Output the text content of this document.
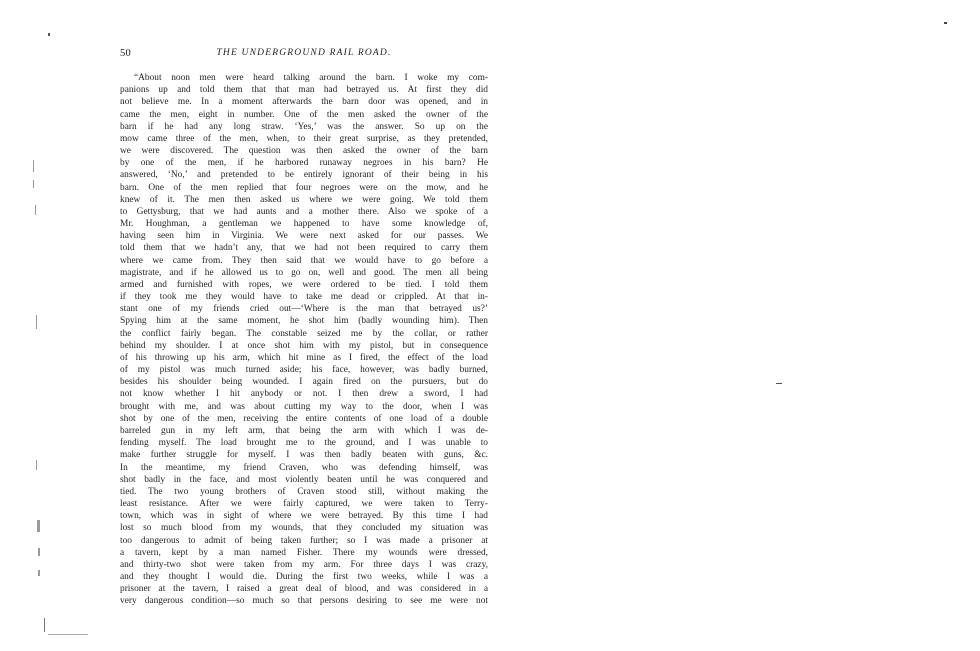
50	THE UNDERGROUND RAIL ROAD.
“About noon men were heard talking around the barn. I woke my com-
panions up and told them that that man had betrayed us. At first they did
not believe me. In a moment afterwards the barn door was opened, and in
came the men, eight in number. One of the men asked the owner of the
barn if he had any long straw. ‘Yes,’ was the answer. So up on the
mow came three of the men, when, to their great surprise, as they pretended,
we were discovered. The question was then asked the owner of the barn
by one of the men, if he harbored runaway negroes in his barn? He
answered, ‘No,’ and pretended to be entirely ignorant of their being in his
barn. One of the men replied that four negroes were on the mow, and he
knew of it. The men then asked us where we were going. We told them
to Gettysburg, that we had aunts and a mother there. Also we spoke of a
Mr. Houghman, a gentleman we happened to have some knowledge of,
having seen him in Virginia. We were next asked for our passes. We
told them that we hadn’t any, that we had not been required to carry them
where we came from. They then said that we would have to go before a
magistrate, and if he allowed us to go on, well and good. The men all being
armed and furnished with ropes, we were ordered to be tied. I told them
if they took me they would have to take me dead or crippled. At that in-
stant one of my friends cried out—‘Where is the man that betrayed us?’
Spying him at the same moment, he shot him (badly wounding him). Then
the conflict fairly began. The constable seized me by the collar, or rather
behind my shoulder. I at once shot him with my pistol, but in consequence
of his throwing up his arm, which hit mine as I fired, the effect of the load
of my pistol was much turned aside; his face, however, was badly burned,
besides his shoulder being wounded. I again fired on the pursuers, but do
not know whether I hit anybody or not. I then drew a sword, I had
brought with me, and was about cutting my way to the door, when I was
shot by one of the men, receiving the entire contents of one load of a double
barreled gun in my left arm, that being the arm with which I was de-
fending myself. The load brought me to the ground, and I was unable to
make further struggle for myself. I was then badly beaten with guns, &c.
In the meantime, my friend Craven, who was defending himself, was
shot badly in the face, and most violently beaten until he was conquered and
tied. The two young brothers of Craven stood still, without making the
least resistance. After we were fairly captured, we were taken to Terry-
town, which was in sight of where we were betrayed. By this time I had
lost so much blood from my wounds, that they concluded my situation was
too dangerous to admit of being taken further; so I was made a prisoner at
a tavern, kept by a man named Fisher. There my wounds were dressed,
and thirty-two shot were taken from my arm. For three days I was crazy,
and they thought I would die. During the first two weeks, while I was a
prisoner at the tavern, I raised a great deal of blood, and was considered in a
very dangerous condition—so much so that persons desiring to see me were not
